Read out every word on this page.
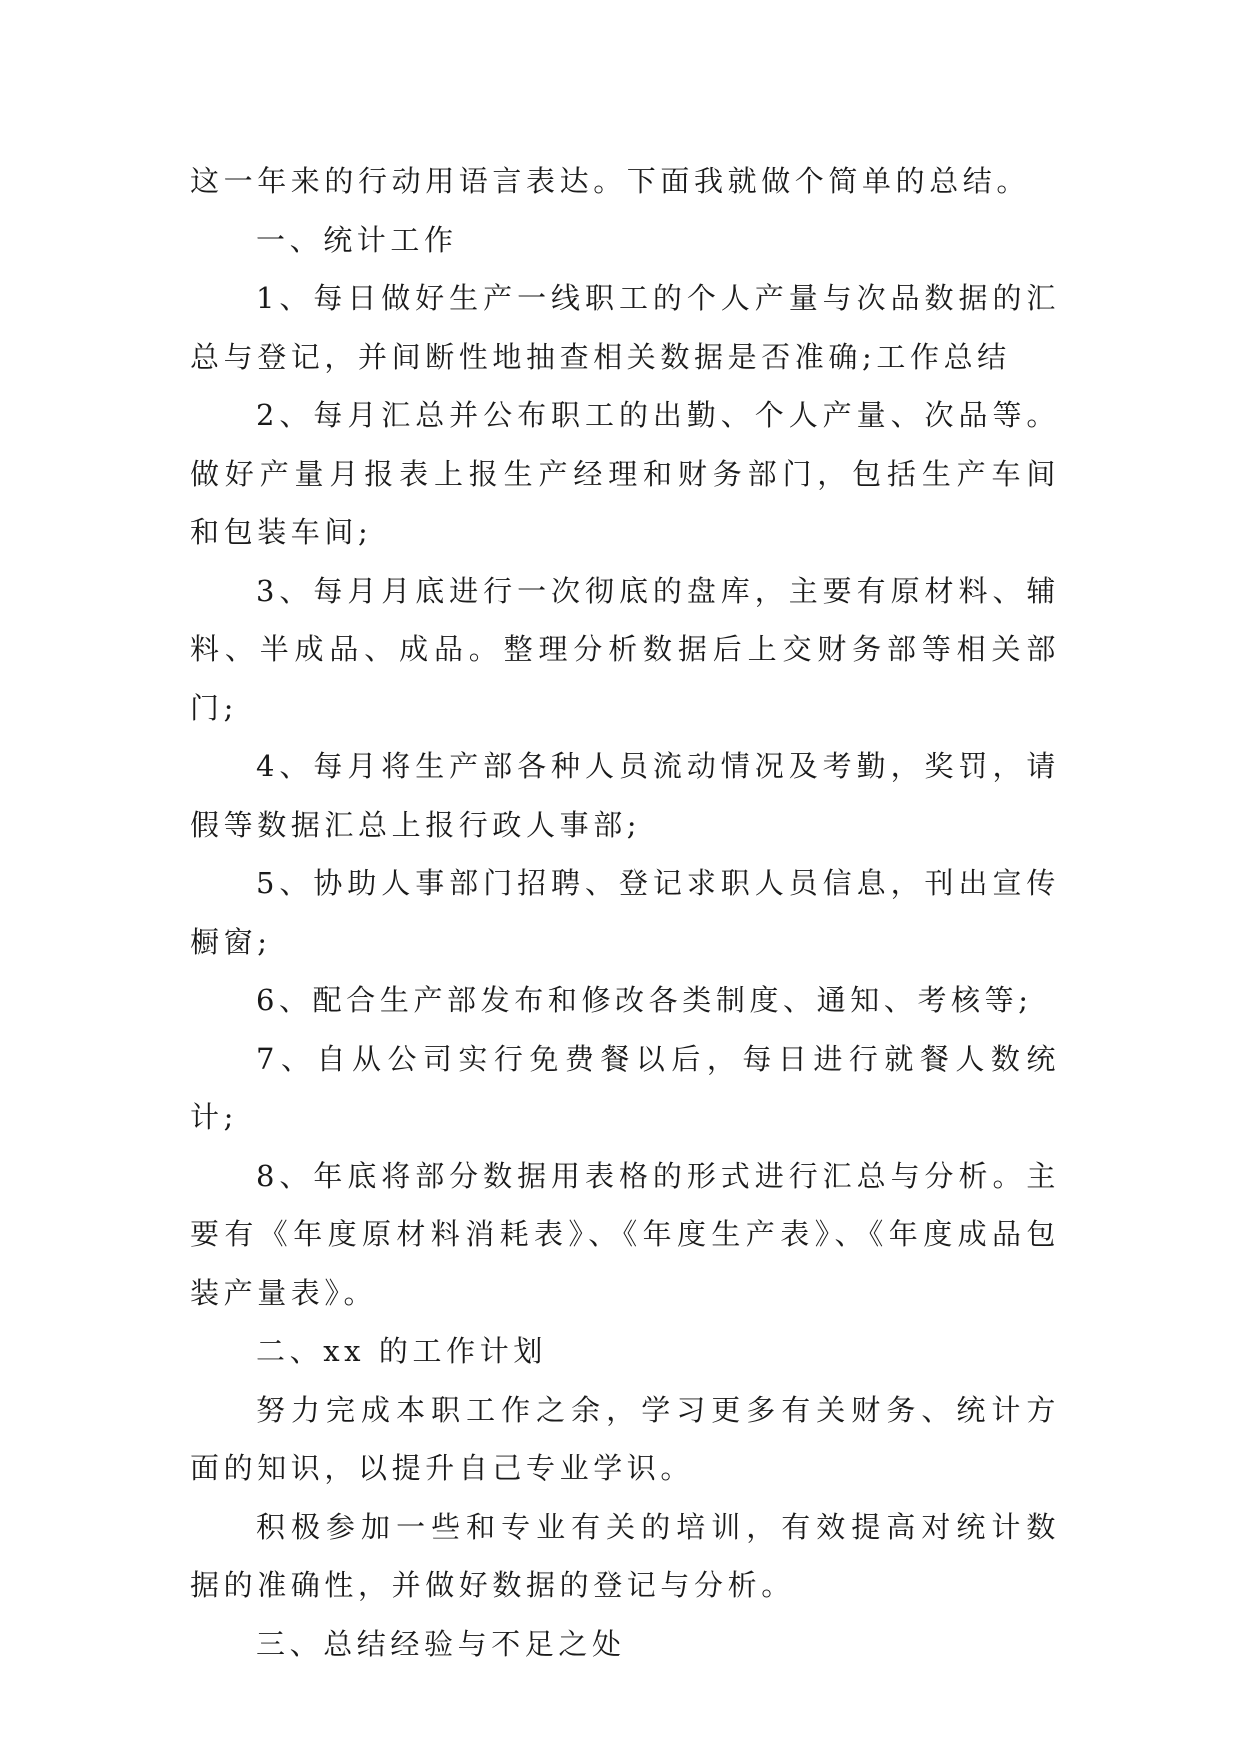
这一年来的行动用语言表达。下面我就做个简单的总结。

一、统计工作

1、每日做好生产一线职工的个人产量与次品数据的汇总与登记，并间断性地抽查相关数据是否准确;工作总结

2、每月汇总并公布职工的出勤、个人产量、次品等。做好产量月报表上报生产经理和财务部门，包括生产车间和包装车间;

3、每月月底进行一次彻底的盘库，主要有原材料、辅料、半成品、成品。整理分析数据后上交财务部等相关部门;

4、每月将生产部各种人员流动情况及考勤，奖罚，请假等数据汇总上报行政人事部;

5、协助人事部门招聘、登记求职人员信息，刊出宣传橱窗;

6、配合生产部发布和修改各类制度、通知、考核等;

7、自从公司实行免费餐以后，每日进行就餐人数统计;

8、年底将部分数据用表格的形式进行汇总与分析。主要有《年度原材料消耗表》、《年度生产表》、《年度成品包装产量表》。

二、xx 的工作计划

努力完成本职工作之余，学习更多有关财务、统计方面的知识，以提升自己专业学识。

积极参加一些和专业有关的培训，有效提高对统计数据的准确性，并做好数据的登记与分析。

三、总结经验与不足之处
